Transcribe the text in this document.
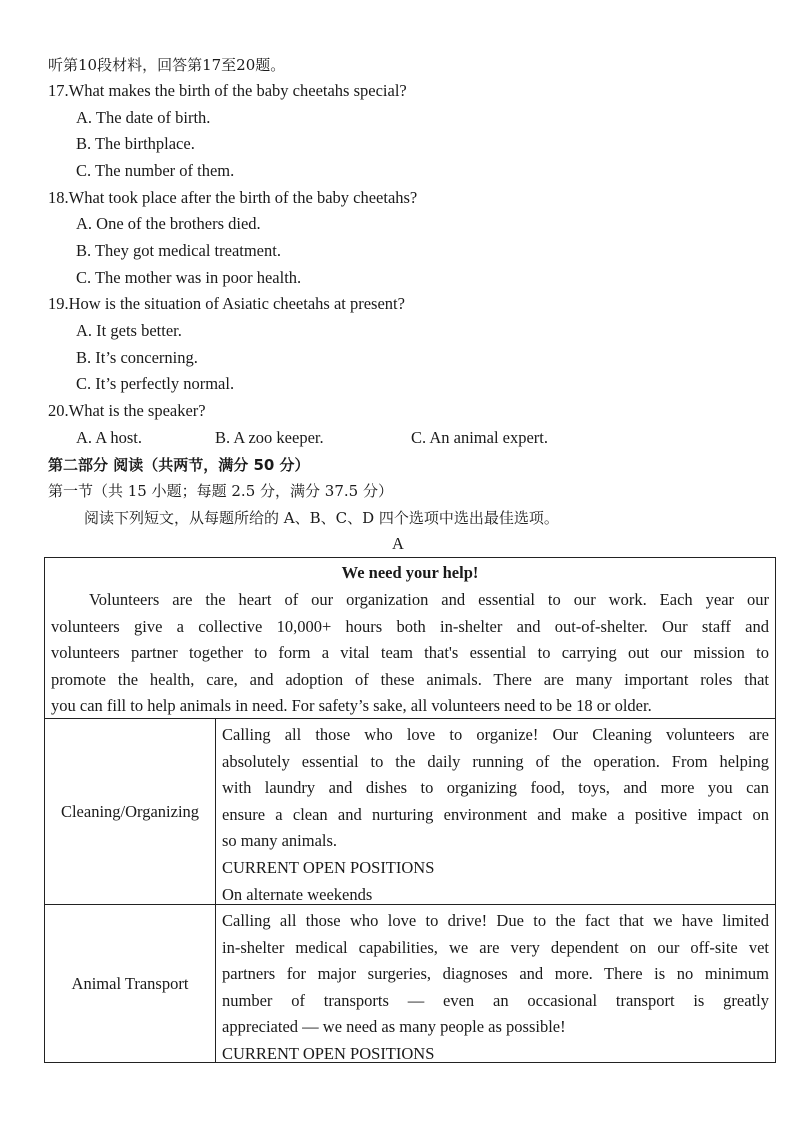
听第10段材料，回答第17至20题。
17.What makes the birth of the baby cheetahs special?
A. The date of birth.
B. The birthplace.
C. The number of them.
18.What took place after the birth of the baby cheetahs?
A. One of the brothers died.
B. They got medical treatment.
C. The mother was in poor health.
19.How is the situation of Asiatic cheetahs at present?
A. It gets better.
B. It’s concerning.
C. It’s perfectly normal.
20.What is the speaker?
A. A host.	B. A zoo keeper.	C. An animal expert.
第二部分 阅读（共两节，满分 50 分）
第一节（共 15 小题；每题 2.5 分，满分 37.5 分）
阅读下列短文，从每题所给的 A、B、C、D 四个选项中选出最佳选项。
A
We need your help!
Volunteers are the heart of our organization and essential to our work. Each year our
volunteers give a collective 10,000+ hours both in-shelter and out-of-shelter. Our staff and
volunteers partner together to form a vital team that's essential to carrying out our mission to
promote the health, care, and adoption of these animals. There are many important roles that
you can fill to help animals in need. For safety’s sake, all volunteers need to be 18 or older.
Cleaning/Organizing
Calling all those who love to organize! Our Cleaning volunteers are
absolutely essential to the daily running of the operation. From helping
with laundry and dishes to organizing food, toys, and more you can
ensure a clean and nurturing environment and make a positive impact on
so many animals.
CURRENT OPEN POSITIONS
On alternate weekends
Animal Transport
Calling all those who love to drive! Due to the fact that we have limited
in-shelter medical capabilities, we are very dependent on our off-site vet
partners for major surgeries, diagnoses and more. There is no minimum
number of transports — even an occasional transport is greatly
appreciated — we need as many people as possible!
CURRENT OPEN POSITIONS
